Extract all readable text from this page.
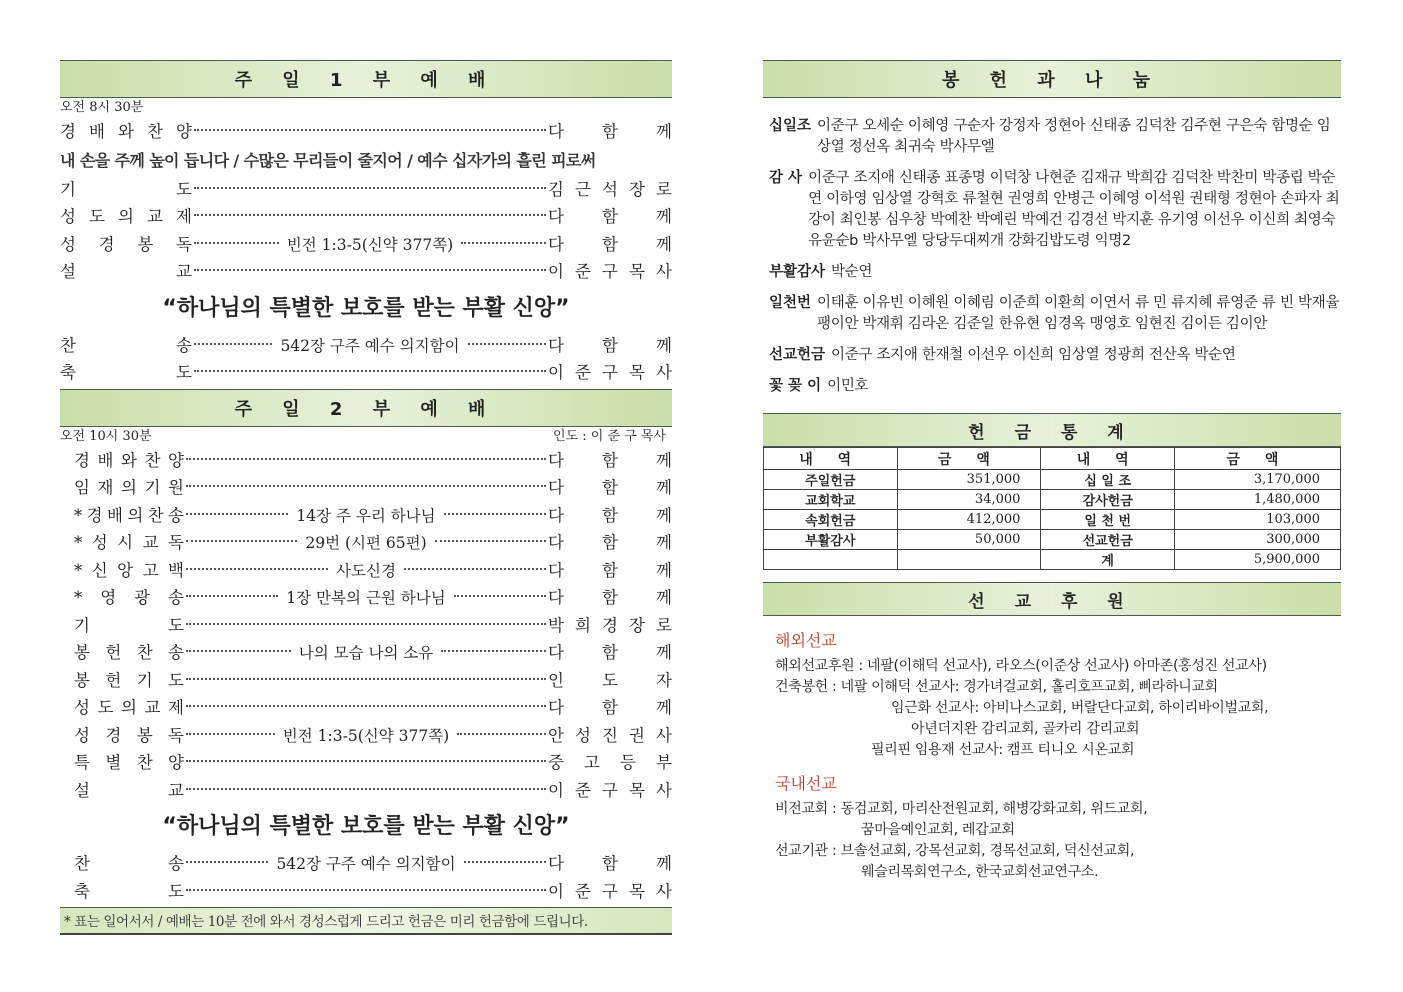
주 일 1 부 예 배
오전 8시 30분
경 배 와 찬 양	다 함 께
내 손을 주께 높이 듭니다 / 수많은 무리들이 줄지어 / 예수 십자가의 흘린 피로써
기	도	김 근 석 장 로
성 도 의 교 제	다 함 께
성 경 봉 독	빈전 1:3-5(신약 377쪽)	다 함 께
설	교	이 준 구 목 사
“하나님의 특별한 보호를 받는 부활 신앙”
찬	송	542장 구주 예수 의지함이	다 함 께
축	도	이 준 구 목 사
주 일 2 부 예 배
오전 10시 30분	인도 : 이 준 구 목사
경 배 와 찬 양	다 함 께
임 재 의 기 원	다 함 께
* 경 배 의 찬 송	14장 주 우리 하나님	다 함 께
* 성 시 교 독	29번 (시편 65편)	다 함 께
* 신 앙 고 백	사도신경	다 함 께
* 영 광 송	1장 만복의 근원 하나님	다 함 께
기	도	박 희 경 장 로
봉 헌 찬 송	나의 모습 나의 소유	다 함 께
봉 헌 기 도	인 도 자
성 도 의 교 제	다 함 께
성 경 봉 독	빈전 1:3-5(신약 377쪽)	안 성 진 권 사
특 별 찬 양	중 고 등 부
설	교	이 준 구 목 사
“하나님의 특별한 보호를 받는 부활 신앙”
찬	송	542장 구주 예수 의지함이	다 함 께
축	도	이 준 구 목 사
* 표는 일어서서 / 예배는 10분 전에 와서 경성스럽게 드리고 헌금은 미리 헌금함에 드립니다.
봉 헌 과 나 눔
십일조 이준구 오세순 이혜영 구순자 강정자 정현아 신태종 김덕찬 김주현 구은숙 함명순 임상열 정선옥 최귀숙 박사무엘
감 사 이준구 조지애 신태종 표종명 이덕창 나현준 김재규 박희감 김덕찬 박찬미 박종립 박순연 이하영 임상열 강혁호 류철현 권영희 안병근 이혜영 이석원 권태형 정현아 손파자 최강이 최인봉 심우창 박예찬 박예린 박예건 김경선 박지훈 유기영 이선우 이신희 최영숙 유윤순b 박사무엘 당당두대찌개 강화김밥도령 익명2
부활감사 박순연
일천번 이태훈 이유빈 이혜원 이혜림 이준희 이환희 이연서 류 민 류지혜 류영준 류 빈 박재율 팽이안 박재휘 김라온 김준일 한유현 임경옥 맹영호 임현진 김이든 김이안
선교헌금 이준구 조지애 한재철 이선우 이신희 임상열 정광희 전산옥 박순연
꽃 꽂 이 이민호
헌 금 통 계
내 역	금 액	내 역	금 액
주일헌금	351,000	십 일 조	3,170,000
교회학교	34,000	감사헌금	1,480,000
속회헌금	412,000	일 천 번	103,000
부활감사	50,000	선교헌금	300,000
		계	5,900,000
선 교 후 원
해외선교
해외선교후원 : 네팔(이해덕 선교사), 라오스(이준상 선교사) 아마존(홍성진 선교사)
건축봉헌 : 네팔 이해덕 선교사: 경가녀걸교회, 홀리호프교회, 삐라하니교회
임근화 선교사: 아비나스교회, 버랄단다교회, 하이리바이벌교회,
아년더지완 감리교회, 골카리 감리교회
필리핀 임용재 선교사: 캠프 티니오 시온교회
국내선교
비전교회 : 동검교회, 마리산전원교회, 해병강화교회, 위드교회,
꿈마을예인교회, 레갑교회
선교기관 : 브솔선교회, 강목선교회, 경목선교회, 덕신선교회,
웨슬리목회연구소, 한국교회선교연구소.
